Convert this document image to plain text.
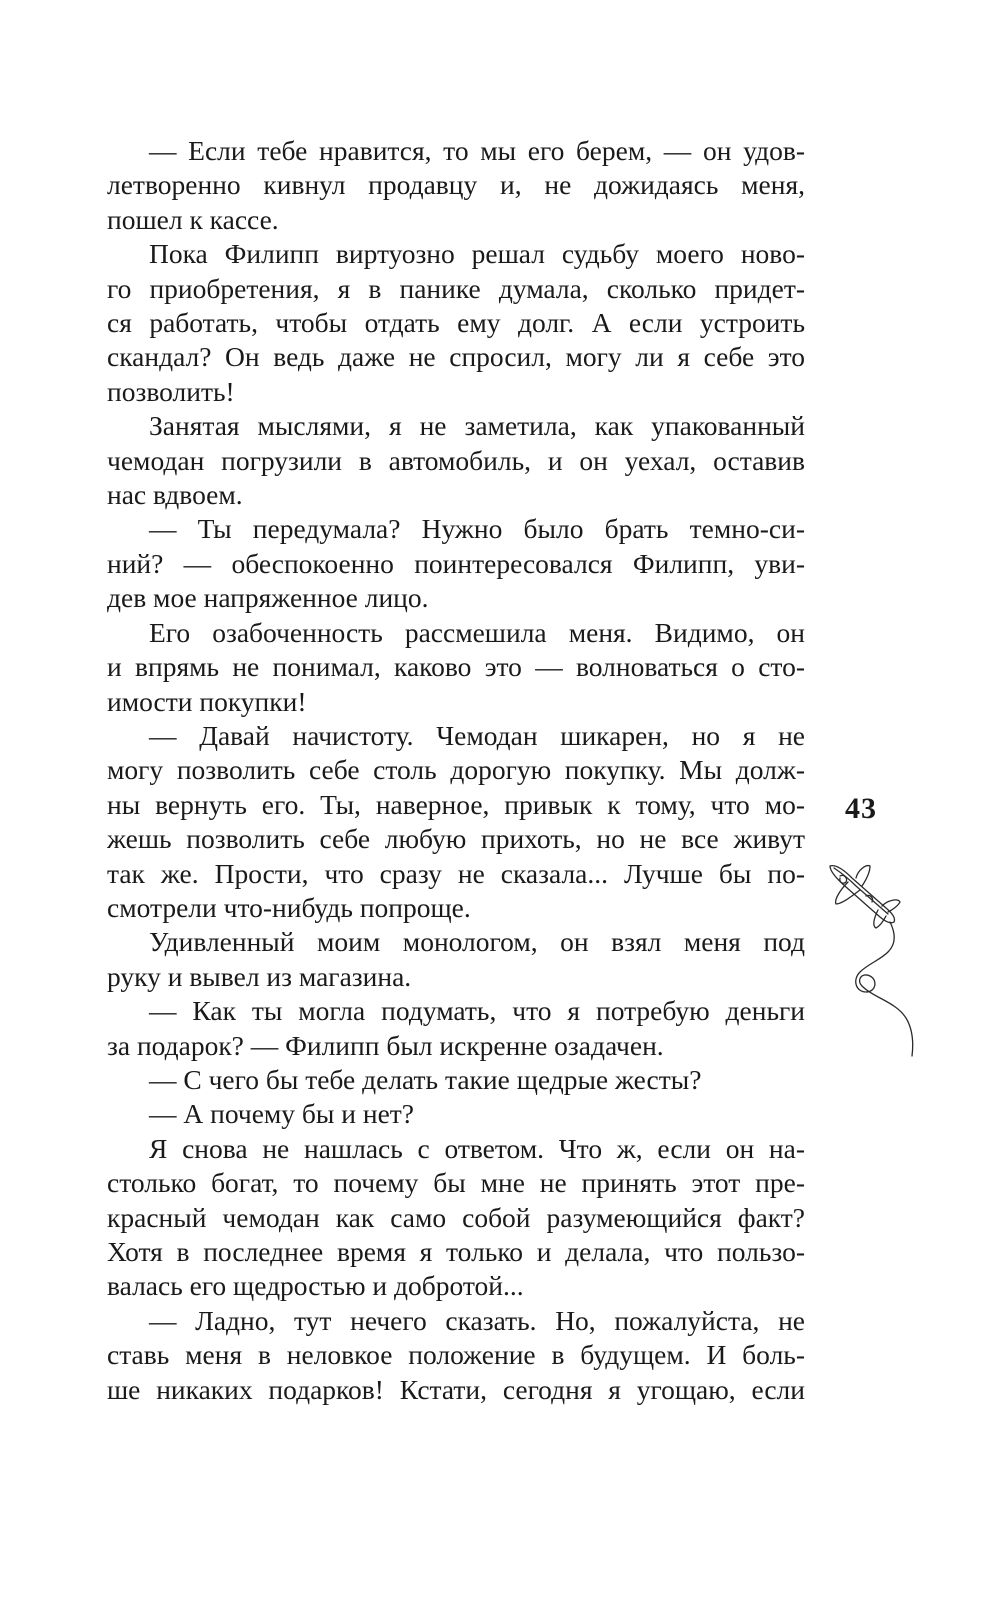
— Если тебе нравится, то мы его берем, — он удов-
летворенно кивнул продавцу и, не дожидаясь меня,
пошел к кассе.
Пока Филипп виртуозно решал судьбу моего ново-
го приобретения, я в панике думала, сколько придет-
ся работать, чтобы отдать ему долг. А если устроить
скандал? Он ведь даже не спросил, могу ли я себе это
позволить!
Занятая мыслями, я не заметила, как упакованный
чемодан погрузили в автомобиль, и он уехал, оставив
нас вдвоем.
— Ты передумала? Нужно было брать темно-си-
ний? — обеспокоенно поинтересовался Филипп, уви-
дев мое напряженное лицо.
Его озабоченность рассмешила меня. Видимо, он
и впрямь не понимал, каково это — волноваться о сто-
имости покупки!
— Давай начистоту. Чемодан шикарен, но я не
могу позволить себе столь дорогую покупку. Мы долж-
ны вернуть его. Ты, наверное, привык к тому, что мо-
жешь позволить себе любую прихоть, но не все живут
так же. Прости, что сразу не сказала... Лучше бы по-
смотрели что-нибудь попроще.
Удивленный моим монологом, он взял меня под
руку и вывел из магазина.
— Как ты могла подумать, что я потребую деньги
за подарок? — Филипп был искренне озадачен.
— С чего бы тебе делать такие щедрые жесты?
— А почему бы и нет?
Я снова не нашлась с ответом. Что ж, если он на-
столько богат, то почему бы мне не принять этот пре-
красный чемодан как само собой разумеющийся факт?
Хотя в последнее время я только и делала, что пользо-
валась его щедростью и добротой...
— Ладно, тут нечего сказать. Но, пожалуйста, не
ставь меня в неловкое положение в будущем. И боль-
ше никаких подарков! Кстати, сегодня я угощаю, если
43
